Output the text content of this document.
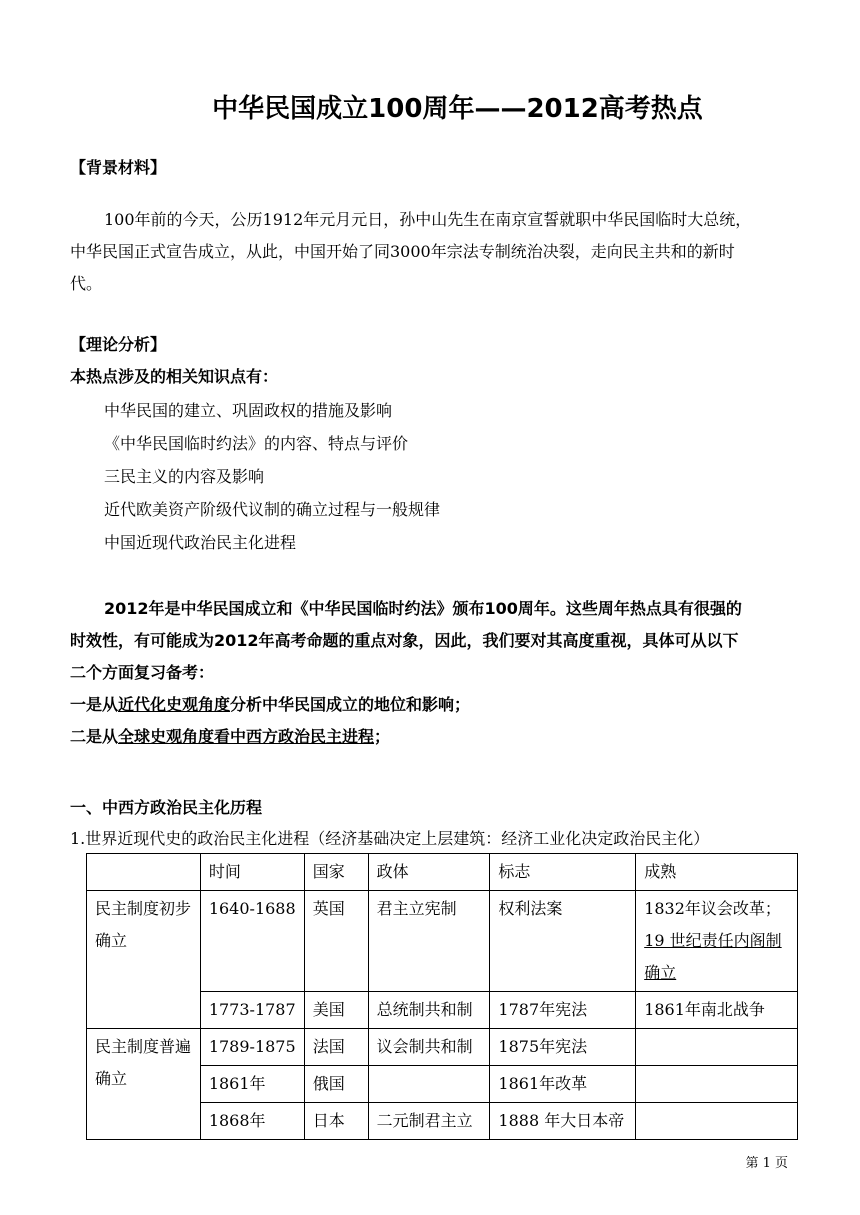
中华民国成立100周年——2012高考热点
【背景材料】
100年前的今天，公历1912年元月元日，孙中山先生在南京宣誓就职中华民国临时大总统，
中华民国正式宣告成立，从此，中国开始了同3000年宗法专制统治决裂，走向民主共和的新时
代。
【理论分析】
本热点涉及的相关知识点有：
中华民国的建立、巩固政权的措施及影响
《中华民国临时约法》的内容、特点与评价
三民主义的内容及影响
近代欧美资产阶级代议制的确立过程与一般规律
中国近现代政治民主化进程
2012年是中华民国成立和《中华民国临时约法》颁布100周年。这些周年热点具有很强的
时效性，有可能成为2012年高考命题的重点对象，因此，我们要对其高度重视，具体可从以下
二个方面复习备考：
一是从近代化史观角度分析中华民国成立的地位和影响；
二是从全球史观角度看中西方政治民主进程；
一、中西方政治民主化历程
1.世界近现代史的政治民主化进程（经济基础决定上层建筑：经济工业化决定政治民主化）
	时间	国家	政体	标志	成熟
民主制度初步确立	1640-1688	英国	君主立宪制	权利法案	1832年议会改革；
19 世纪责任内阁制确立

	1773-1787	美国	总统制共和制	1787年宪法	1861年南北战争
民主制度普遍确立	1789-1875	法国	议会制共和制	1875年宪法	
	1861年	俄国		1861年改革	
	1868年	日本	二元制君主立	1888 年大日本帝	
第 1 页
